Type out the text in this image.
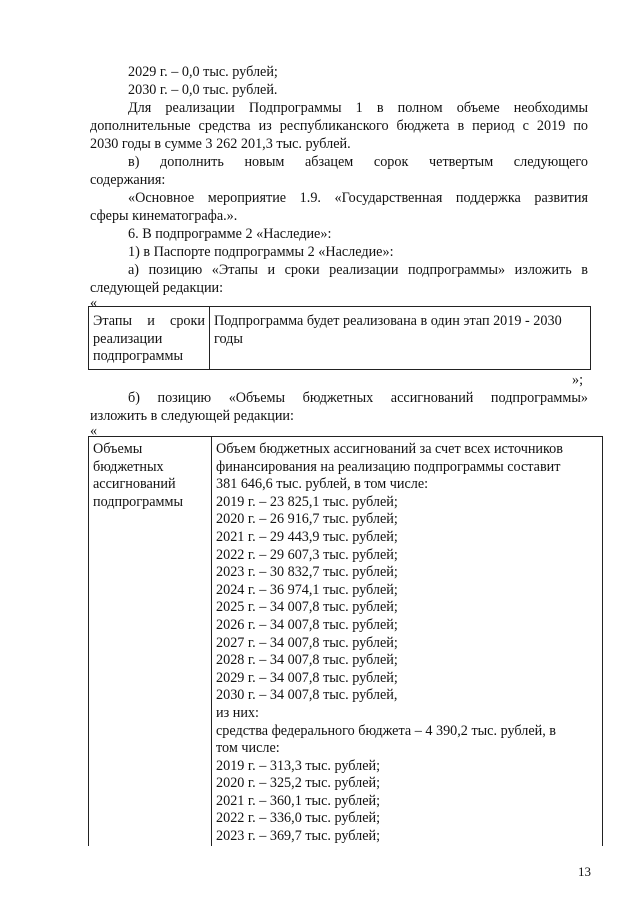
2029 г. – 0,0 тыс. рублей;
2030 г. – 0,0 тыс. рублей.
Для реализации Подпрограммы 1 в полном объеме необходимы
дополнительные средства из республиканского бюджета в период с 2019 по
2030 годы в сумме 3 262 201,3 тыс. рублей.
в) дополнить новым абзацем сорок четвертым следующего
содержания:
«Основное мероприятие 1.9. «Государственная поддержка развития
сферы кинематографа.».
6. В подпрограмме 2 «Наследие»:
1) в Паспорте подпрограммы 2 «Наследие»:
а) позицию «Этапы и сроки реализации подпрограммы» изложить в
следующей редакции:
«
Этапы и сроки
реализации
подпрограммы
Подпрограмма будет реализована в один этап 2019 - 2030
годы
»;
б) позицию «Объемы бюджетных ассигнований подпрограммы»
изложить в следующей редакции:
«
Объемы
бюджетных
ассигнований
подпрограммы
Объем бюджетных ассигнований за счет всех источников
финансирования на реализацию подпрограммы составит
381 646,6 тыс. рублей, в том числе:
2019 г. – 23 825,1 тыс. рублей;
2020 г. – 26 916,7 тыс. рублей;
2021 г. – 29 443,9 тыс. рублей;
2022 г. – 29 607,3 тыс. рублей;
2023 г. – 30 832,7 тыс. рублей;
2024 г. – 36 974,1 тыс. рублей;
2025 г. – 34 007,8 тыс. рублей;
2026 г. – 34 007,8 тыс. рублей;
2027 г. – 34 007,8 тыс. рублей;
2028 г. – 34 007,8 тыс. рублей;
2029 г. – 34 007,8 тыс. рублей;
2030 г. – 34 007,8 тыс. рублей,
из них:
средства федерального бюджета – 4 390,2 тыс. рублей, в
том числе:
2019 г. – 313,3 тыс. рублей;
2020 г. – 325,2 тыс. рублей;
2021 г. – 360,1 тыс. рублей;
2022 г. – 336,0 тыс. рублей;
2023 г. – 369,7 тыс. рублей;
13
